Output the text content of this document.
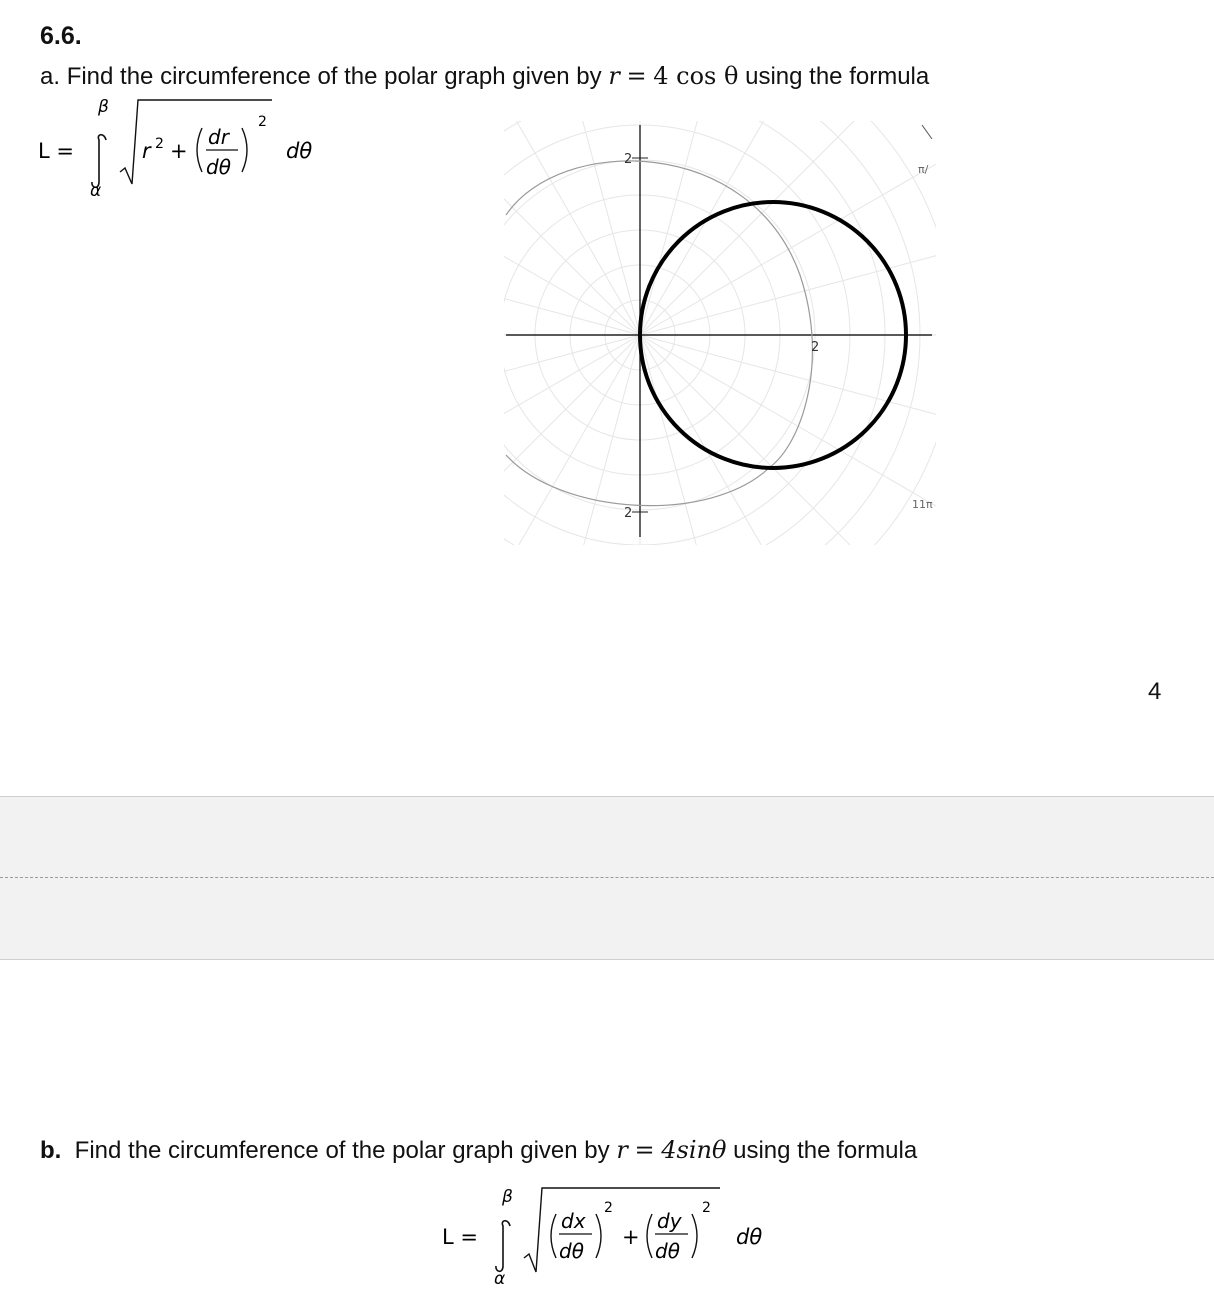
6.6.
a. Find the circumference of the polar graph given by r = 4 cos θ using the formula
β
L =
α
r 2 +
dr
dθ
2
dθ	2
2
2
π/
11π
4
b. Find the circumference of the polar graph given by r = 4sinθ using the formula
β
L =
α
dx
dθ
2
+
dy
dθ
2
dθ
